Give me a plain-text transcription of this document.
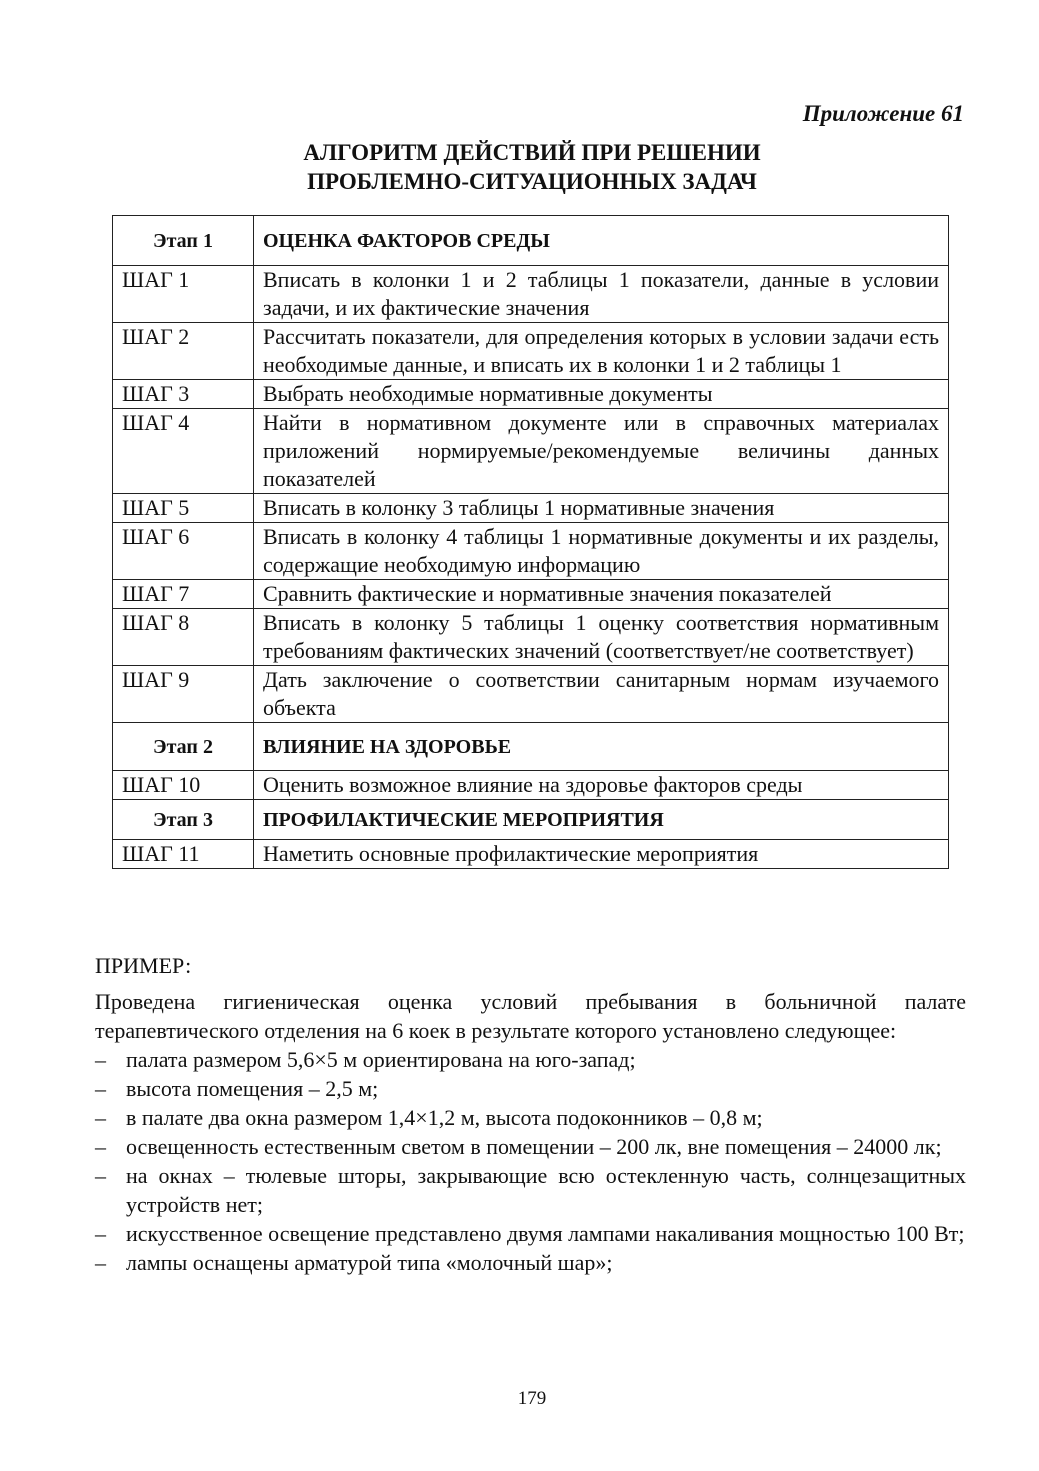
Приложение 61
АЛГОРИТМ ДЕЙСТВИЙ ПРИ РЕШЕНИИ
ПРОБЛЕМНО-СИТУАЦИОННЫХ ЗАДАЧ
Этап 1	ОЦЕНКА ФАКТОРОВ СРЕДЫ
ШАГ 1	Вписать в колонки 1 и 2 таблицы 1 показатели, данные в условии задачи, и их фактические значения
ШАГ 2	Рассчитать показатели, для определения которых в условии задачи есть необходимые данные, и вписать их в колонки 1 и 2 таблицы 1
ШАГ 3	Выбрать необходимые нормативные документы
ШАГ 4	Найти в нормативном документе или в справочных материалах приложений нормируемые/рекомендуемые величины данных показателей
ШАГ 5	Вписать в колонку 3 таблицы 1 нормативные значения
ШАГ 6	Вписать в колонку 4 таблицы 1 нормативные документы и их разделы, содержащие необходимую информацию
ШАГ 7	Сравнить фактические и нормативные значения показателей
ШАГ 8	Вписать в колонку 5 таблицы 1 оценку соответствия нормативным требованиям фактических значений (соответствует/не соответствует)
ШАГ 9	Дать заключение о соответствии санитарным нормам изучаемого объекта
Этап 2	ВЛИЯНИЕ НА ЗДОРОВЬЕ
ШАГ 10	Оценить возможное влияние на здоровье факторов среды
Этап 3	ПРОФИЛАКТИЧЕСКИЕ МЕРОПРИЯТИЯ
ШАГ 11	Наметить основные профилактические мероприятия
ПРИМЕР:
Проведена гигиеническая оценка условий пребывания в больничной палате терапевтического отделения на 6 коек в результате которого установлено следующее:
– палата размером 5,6×5 м ориентирована на юго-запад;
– высота помещения – 2,5 м;
– в палате два окна размером 1,4×1,2 м, высота подоконников – 0,8 м;
– освещенность естественным светом в помещении – 200 лк, вне помещения – 24000 лк;
– на окнах – тюлевые шторы, закрывающие всю остекленную часть, солнцезащитных устройств нет;
– искусственное освещение представлено двумя лампами накаливания мощностью 100 Вт;
– лампы оснащены арматурой типа «молочный шар»;
179
